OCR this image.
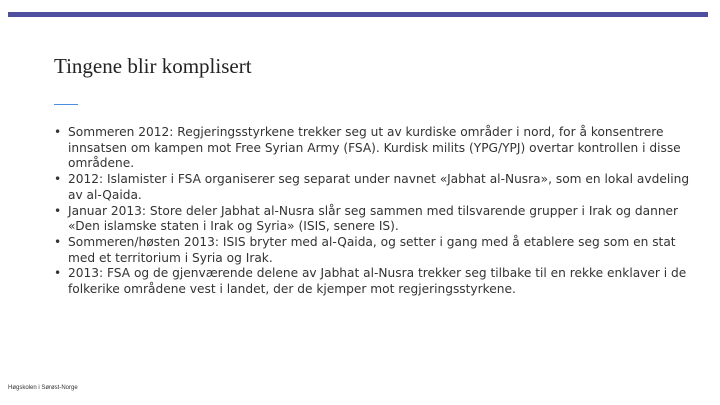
Tingene blir komplisert
• Sommeren 2012: Regjeringsstyrkene trekker seg ut av kurdiske områder i nord, for å konsentrere innsatsen om kampen mot Free Syrian Army (FSA). Kurdisk milits (YPG/YPJ) overtar kontrollen i disse områdene.
• 2012: Islamister i FSA organiserer seg separat under navnet «Jabhat al-Nusra», som en lokal avdeling av al-Qaida.
• Januar 2013: Store deler Jabhat al-Nusra slår seg sammen med tilsvarende grupper i Irak og danner «Den islamske staten i Irak og Syria» (ISIS, senere IS).
• Sommeren/høsten 2013: ISIS bryter med al-Qaida, og setter i gang med å etablere seg som en stat med et territorium i Syria og Irak.
• 2013: FSA og de gjenværende delene av Jabhat al-Nusra trekker seg tilbake til en rekke enklaver i de folkerike områdene vest i landet, der de kjemper mot regjeringsstyrkene.
Høgskolen i Sørøst-Norge
